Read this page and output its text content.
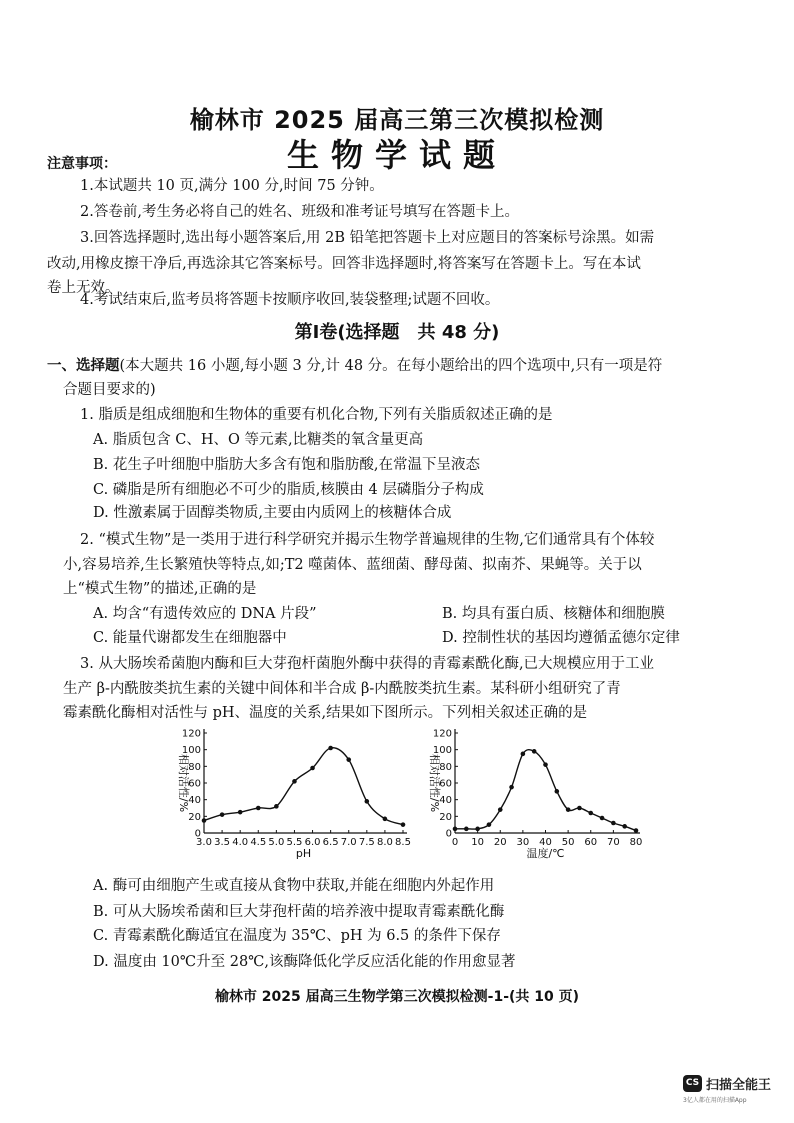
榆林市 2025 届高三第三次模拟检测
生物学试题
注意事项：
1.本试题共 10 页,满分 100 分,时间 75 分钟。
2.答卷前,考生务必将自己的姓名、班级和准考证号填写在答题卡上。
3.回答选择题时,选出每小题答案后,用 2B 铅笔把答题卡上对应题目的答案标号涂黑。如需
改动,用橡皮擦干净后,再选涂其它答案标号。回答非选择题时,将答案写在答题卡上。写在本试
卷上无效。
4.考试结束后,监考员将答题卡按顺序收回,装袋整理;试题不回收。
第Ⅰ卷(选择题　共 48 分)
一、选择题(本大题共 16 小题,每小题 3 分,计 48 分。在每小题给出的四个选项中,只有一项是符
合题目要求的)
1. 脂质是组成细胞和生物体的重要有机化合物,下列有关脂质叙述正确的是
A. 脂质包含 C、H、O 等元素,比糖类的氧含量更高
B. 花生子叶细胞中脂肪大多含有饱和脂肪酸,在常温下呈液态
C. 磷脂是所有细胞必不可少的脂质,核膜由 4 层磷脂分子构成
D. 性激素属于固醇类物质,主要由内质网上的核糖体合成
2. “模式生物”是一类用于进行科学研究并揭示生物学普遍规律的生物,它们通常具有个体较
小,容易培养,生长繁殖快等特点,如;T2 噬菌体、蓝细菌、酵母菌、拟南芥、果蝇等。关于以
上“模式生物”的描述,正确的是
A. 均含“有遗传效应的 DNA 片段”	B. 均具有蛋白质、核糖体和细胞膜
C. 能量代谢都发生在细胞器中	D. 控制性状的基因均遵循孟德尔定律
3. 从大肠埃希菌胞内酶和巨大芽孢杆菌胞外酶中获得的青霉素酰化酶,已大规模应用于工业
生产 β-内酰胺类抗生素的关键中间体和半合成 β-内酰胺类抗生素。某科研小组研究了青
霉素酰化酶相对活性与 pH、温度的关系,结果如下图所示。下列相关叙述正确的是
0
20
40
60
80
100
120
3.0 3.5 4.0 4.5 5.0 5.5 6.0 6.5 7.0 7.5 8.0 8.5
pH
相对活性/%
0
20
40
60
80
100
120
0 10 20 30 40 50 60 70 80
温度/℃
相对活性/%
A. 酶可由细胞产生或直接从食物中获取,并能在细胞内外起作用
B. 可从大肠埃希菌和巨大芽孢杆菌的培养液中提取青霉素酰化酶
C. 青霉素酰化酶适宜在温度为 35℃、pH 为 6.5 的条件下保存
D. 温度由 10℃升至 28℃,该酶降低化学反应活化能的作用愈显著
榆林市 2025 届高三生物学第三次模拟检测-1-(共 10 页)
CS 扫描全能王
3亿人都在用的扫描App
